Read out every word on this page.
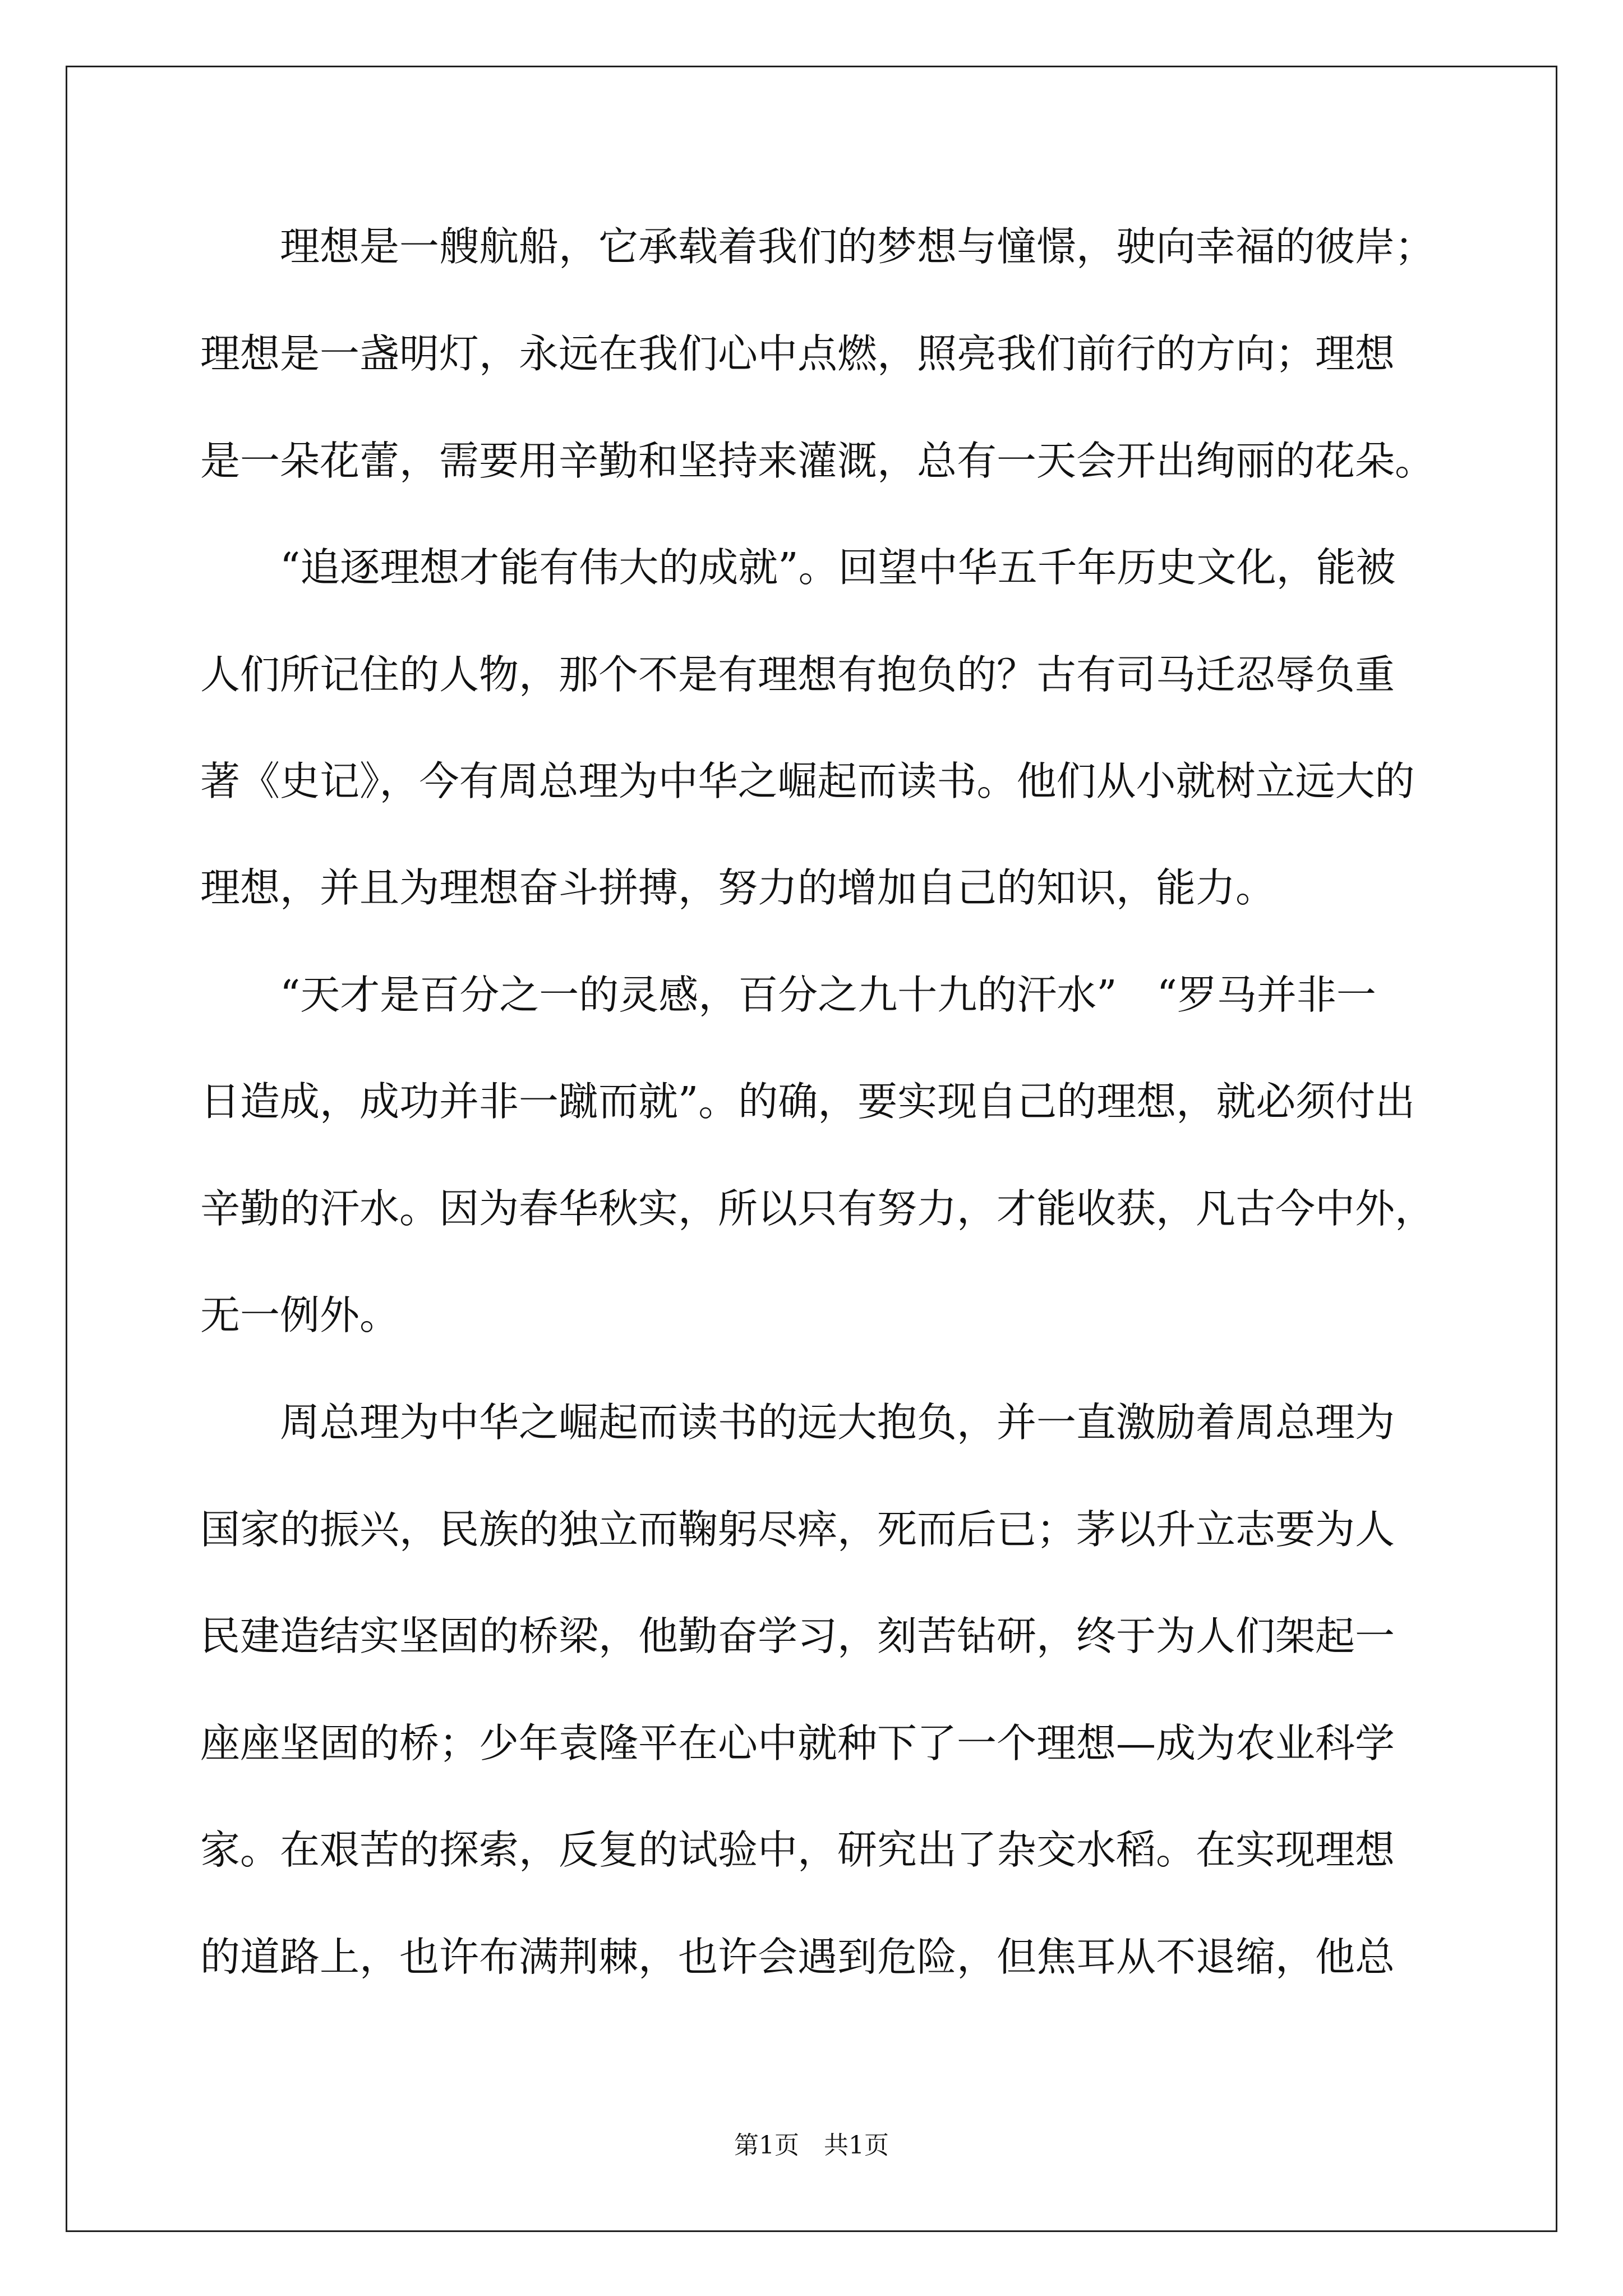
　　理想是一艘航船，它承载着我们的梦想与憧憬，驶向幸福的彼岸；
理想是一盏明灯，永远在我们心中点燃，照亮我们前行的方向；理想
是一朵花蕾，需要用辛勤和坚持来灌溉，总有一天会开出绚丽的花朵。
　　“追逐理想才能有伟大的成就”。回望中华五千年历史文化，能被
人们所记住的人物，那个不是有理想有抱负的？古有司马迁忍辱负重
著《史记》，今有周总理为中华之崛起而读书。他们从小就树立远大的
理想，并且为理想奋斗拼搏，努力的增加自己的知识，能力。
　　“天才是百分之一的灵感，百分之九十九的汗水”　“罗马并非一
日造成，成功并非一蹴而就”。的确，要实现自己的理想，就必须付出
辛勤的汗水。因为春华秋实，所以只有努力，才能收获，凡古今中外，
无一例外。
　　周总理为中华之崛起而读书的远大抱负，并一直激励着周总理为
国家的振兴，民族的独立而鞠躬尽瘁，死而后已；茅以升立志要为人
民建造结实坚固的桥梁，他勤奋学习，刻苦钻研，终于为人们架起一
座座坚固的桥；少年袁隆平在心中就种下了一个理想—成为农业科学
家。在艰苦的探索，反复的试验中，研究出了杂交水稻。在实现理想
的道路上，也许布满荆棘，也许会遇到危险，但焦耳从不退缩，他总
第1页　共1页
